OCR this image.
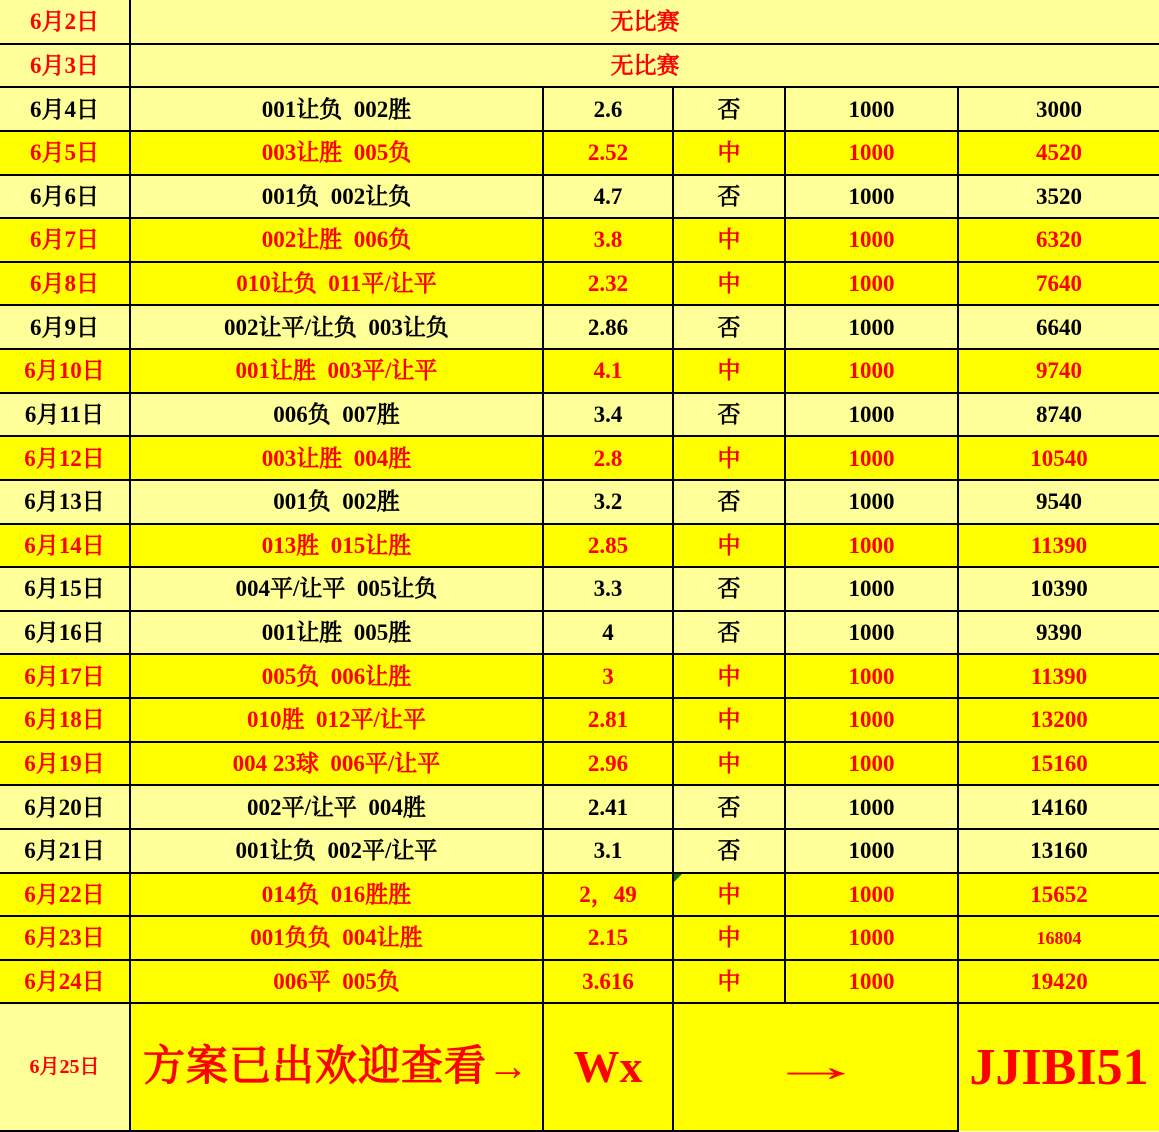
6月2日	无比赛				
6月3日	无比赛				
6月4日	001让负  002胜	2.6	否	1000	3000
6月5日	003让胜  005负	2.52	中	1000	4520
6月6日	001负  002让负	4.7	否	1000	3520
6月7日	002让胜  006负	3.8	中	1000	6320
6月8日	010让负  011平/让平	2.32	中	1000	7640
6月9日	002让平/让负  003让负	2.86	否	1000	6640
6月10日	001让胜  003平/让平	4.1	中	1000	9740
6月11日	006负  007胜	3.4	否	1000	8740
6月12日	003让胜  004胜	2.8	中	1000	10540
6月13日	001负  002胜	3.2	否	1000	9540
6月14日	013胜  015让胜	2.85	中	1000	11390
6月15日	004平/让平  005让负	3.3	否	1000	10390
6月16日	001让胜  005胜	4	否	1000	9390
6月17日	005负  006让胜	3	中	1000	11390
6月18日	010胜  012平/让平	2.81	中	1000	13200
6月19日	004 23球  006平/让平	2.96	中	1000	15160
6月20日	002平/让平  004胜	2.41	否	1000	14160
6月21日	001让负  002平/让平	3.1	否	1000	13160
6月22日	014负  016胜胜	2，49	中	1000	15652
6月23日	001负负  004让胜	2.15	中	1000	16804
6月24日	006平  005负	3.616	中	1000	19420
6月25日	方案已出欢迎查看→	Wx	→		JJIBI51
